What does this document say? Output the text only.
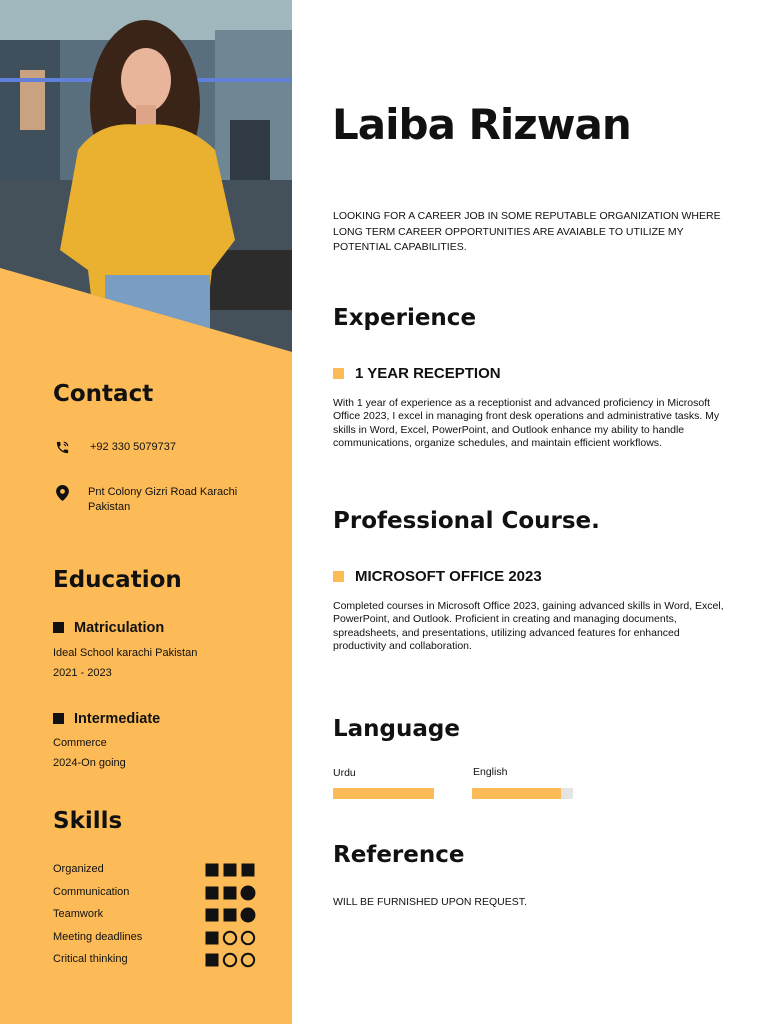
Contact
+92 330 5079737
Pnt Colony Gizri Road Karachi Pakistan
Education
Matriculation
Ideal School karachi Pakistan
2021 - 2023
Intermediate
Commerce
2024-On going
Skills
Organized
Communication
Teamwork
Meeting deadlines
Critical thinking
Laiba Rizwan

LOOKING FOR A CAREER JOB IN SOME REPUTABLE ORGANIZATION WHERE LONG TERM CAREER OPPORTUNITIES ARE AVAIABLE TO UTILIZE MY POTENTIAL CAPABILITIES.

Experience
1 YEAR RECEPTION

With 1 year of experience as a receptionist and advanced proficiency in Microsoft Office 2023, I excel in managing front desk operations and administrative tasks. My skills in Word, Excel, PowerPoint, and Outlook enhance my ability to handle communications, organize schedules, and maintain efficient workflows.

Professional Course.
MICROSOFT OFFICE 2023

Completed courses in Microsoft Office 2023, gaining advanced skills in Word, Excel, PowerPoint, and Outlook. Proficient in creating and managing documents, spreadsheets, and presentations, utilizing advanced features for enhanced productivity and collaboration.

Language
Urdu	English
Reference
WILL BE FURNISHED UPON REQUEST.
